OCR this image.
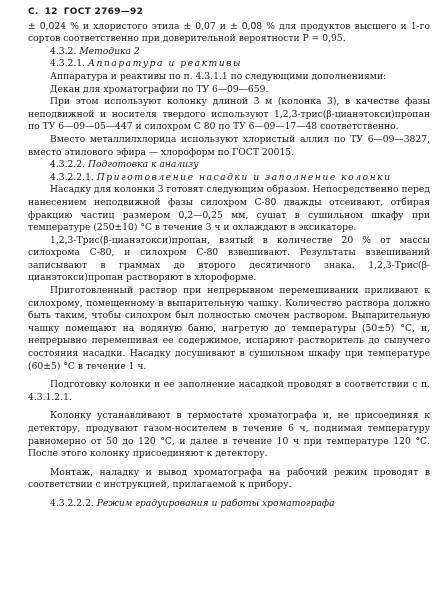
С. 12 ГОСТ 2769—92

± 0,024 % и хлористого этила ± 0,07 и ± 0,08 % для продуктов высшего и 1-го сортов соответственно при доверительной вероятности P = 0,95.

4.3.2. Методика 2

4.3.2.1. Аппаратура и реактивы

Аппаратура и реактивы по п. 4.3.1.1 по следующими дополнениями:

Декан для хроматографии по ТУ 6—09—659.

При этом используют колонку длиной 3 м (колонка 3), в качестве фазы неподвижной и носителя твердого используют 1,2,3-трис(β-цианэтокси)пропан по ТУ 6—09—05—447 и силохром С 80 по ТУ 6—09—17—48 соответственно.

Вместо металлилхлорида используют хлористый аллил по ТУ 6—09—3827, вместо этилового эфира — хлороформ по ГОСТ 20015.

4.3.2.2. Подготовка к анализу

4.3.2.2.1. Приготовление насадки и заполнение колонки

Насадку для колонки 3 готовят следующим образом. Непосредственно перед нанесением неподвижной фазы силохром С-80 дважды отсеивают, отбирая фракцию частиц размером 0,2—0,25 мм, сушат в сушильном шкафу при температуре (250±10) °С в течение 3 ч и охлаждают в эксикаторе.

1,2,3-Трис(β-цианэтокси)пропан, взятый в количестве 20 % от массы силохрома С-80, и силохром С-80 взвешивают. Результаты взвешиваний записывают в граммах до второго десятичного знака. 1,2,3-Трис(β-цианэтокси)пропан растворяют в хлороформе.

Приготовленный раствор при непрерывном перемешивании приливают к силохрому, помещенному в выпарительную чашку. Количество раствора должно быть таким, чтобы силохром был полностью смочен раствором. Выпарительную чашку помещают на водяную баню, нагретую до температуры (50±5) °С, и, непрерывно перемешивая ее содержимое, испаряют растворитель до сыпучего состояния насадки. Насадку досушивают в сушильном шкафу при температуре (60±5) °С в течение 1 ч.

Подготовку колонки и ее заполнение насадкой проводят в соответствии с п. 4.3.1.2.1.

Колонку устанавливают в термостате хроматографа и, не присоединяя к детектору, продувают газом-носителем в течение 6 ч, поднимая температуру равномерно от 50 до 120 °С, и далее в течение 10 ч при температуре 120 °С. После этого колонку присоединяют к детектору.

Монтаж, наладку и вывод хроматографа на рабочий режим проводят в соответствии с инструкцией, прилагаемой к прибору.

4.3.2.2.2. Режим градуирования и работы хроматографа
